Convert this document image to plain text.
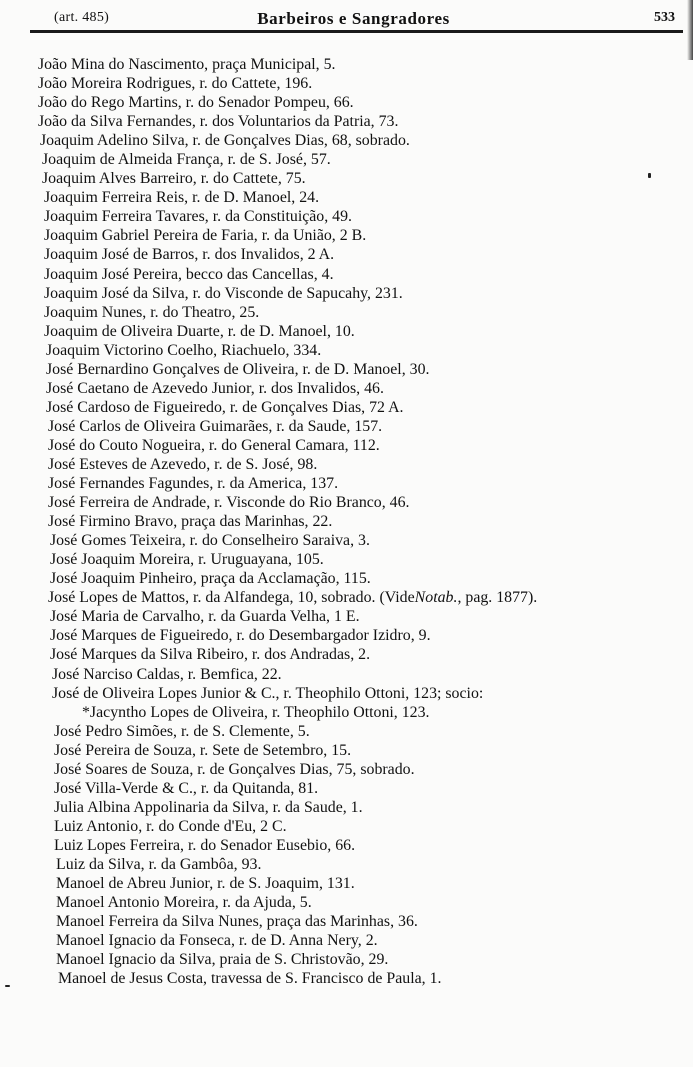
(art. 485)	Barbeiros e Sangradores	533
João Mina do Nascimento, praça Municipal, 5.
João Moreira Rodrigues, r. do Cattete, 196.
João do Rego Martins, r. do Senador Pompeu, 66.
João da Silva Fernandes, r. dos Voluntarios da Patria, 73.
Joaquim Adelino Silva, r. de Gonçalves Dias, 68, sobrado.
Joaquim de Almeida França, r. de S. José, 57.
Joaquim Alves Barreiro, r. do Cattete, 75.
Joaquim Ferreira Reis, r. de D. Manoel, 24.
Joaquim Ferreira Tavares, r. da Constituição, 49.
Joaquim Gabriel Pereira de Faria, r. da União, 2 B.
Joaquim José de Barros, r. dos Invalidos, 2 A.
Joaquim José Pereira, becco das Cancellas, 4.
Joaquim José da Silva, r. do Visconde de Sapucahy, 231.
Joaquim Nunes, r. do Theatro, 25.
Joaquim de Oliveira Duarte, r. de D. Manoel, 10.
Joaquim Victorino Coelho, Riachuelo, 334.
José Bernardino Gonçalves de Oliveira, r. de D. Manoel, 30.
José Caetano de Azevedo Junior, r. dos Invalidos, 46.
José Cardoso de Figueiredo, r. de Gonçalves Dias, 72 A.
José Carlos de Oliveira Guimarães, r. da Saude, 157.
José do Couto Nogueira, r. do General Camara, 112.
José Esteves de Azevedo, r. de S. José, 98.
José Fernandes Fagundes, r. da America, 137.
José Ferreira de Andrade, r. Visconde do Rio Branco, 46.
José Firmino Bravo, praça das Marinhas, 22.
José Gomes Teixeira, r. do Conselheiro Saraiva, 3.
José Joaquim Moreira, r. Uruguayana, 105.
José Joaquim Pinheiro, praça da Acclamação, 115.
José Lopes de Mattos, r. da Alfandega, 10, sobrado. (VideNotab., pag. 1877).
José Maria de Carvalho, r. da Guarda Velha, 1 E.
José Marques de Figueiredo, r. do Desembargador Izidro, 9.
José Marques da Silva Ribeiro, r. dos Andradas, 2.
José Narciso Caldas, r. Bemfica, 22.
José de Oliveira Lopes Junior & C., r. Theophilo Ottoni, 123; socio:
*Jacyntho Lopes de Oliveira, r. Theophilo Ottoni, 123.
José Pedro Simões, r. de S. Clemente, 5.
José Pereira de Souza, r. Sete de Setembro, 15.
José Soares de Souza, r. de Gonçalves Dias, 75, sobrado.
José Villa-Verde & C., r. da Quitanda, 81.
Julia Albina Appolinaria da Silva, r. da Saude, 1.
Luiz Antonio, r. do Conde d'Eu, 2 C.
Luiz Lopes Ferreira, r. do Senador Eusebio, 66.
Luiz da Silva, r. da Gambôa, 93.
Manoel de Abreu Junior, r. de S. Joaquim, 131.
Manoel Antonio Moreira, r. da Ajuda, 5.
Manoel Ferreira da Silva Nunes, praça das Marinhas, 36.
Manoel Ignacio da Fonseca, r. de D. Anna Nery, 2.
Manoel Ignacio da Silva, praia de S. Christovão, 29.
Manoel de Jesus Costa, travessa de S. Francisco de Paula, 1.
